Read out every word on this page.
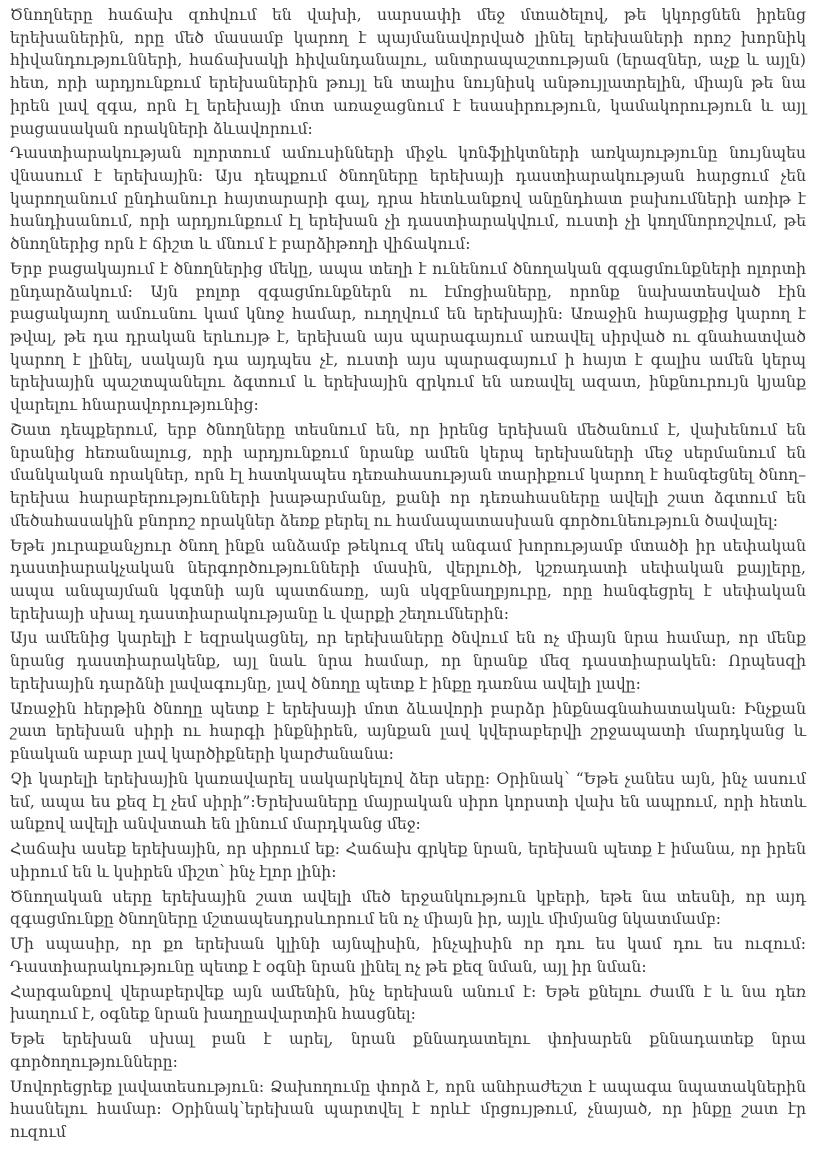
Ծնողները հաճախ զոհվում են վախի, սարսափի մեջ մտածելով, թե կկորցնեն իրենց երեխաներին, որը մեծ մասամբ կարող է պայմանավորված լինել երեխաների որոշ խորնիկ հիվանդությունների, հաճախակի հիվանդանալու, անտրապաշտության (երազներ, աչք և այլն) հետ, որի արդյունքում երեխաներին թույլ են տալիս նույնիսկ անթույլատրելին, միայն թե նա իրեն լավ զգա, որն էլ երեխայի մոտ առաջացնում է եսասիրություն, կամակորություն և այլ բացասական որակների ձևավորում:

Դաստիարակության ոլորտում ամուսինների միջև կոնֆլիկտների առկայությունը նույնպես վնասում է երեխային: Այս դեպքում ծնողները երեխայի դաստիարակության հարցում չեն կարողանում ընդհանուր հայտարարի գալ, դրա հետևանքով անընդհատ բախումների առիթ է հանդիսանում, որի արդյունքում էլ երեխան չի դաստիարակվում, ուստի չի կողմնորոշվում, թե ծնողներից որն է ճիշտ և մնում է բարձիթողի վիճակում:

Երբ բացակայում է ծնողներից մեկը, ապա տեղի է ունենում ծնողական զգացմունքների ոլորտի ընդարձակում: Այն բոլոր զգացմունքներն ու էմոցիաները, որոնք նախատեսված էին բացակայող ամուսնու կամ կնոջ համար, ուղղվում են երեխային: Առաջին հայացքից կարող է թվալ, թե դա դրական երևույթ է, երեխան այս պարագայում առավել սիրված ու գնահատված կարող է լինել, սակայն դա այդպես չէ, ուստի այս պարագայում ի հայտ է գալիս ամեն կերպ երեխային պաշտպանելու ձգտում և երեխային զրկում են առավել ազատ, ինքնուրույն կյանք վարելու հնարավորությունից:

Շատ դեպքերում, երբ ծնողները տեսնում են, որ իրենց երեխան մեծանում է, վախենում են նրանից հեռանալուց, որի արդյունքում նրանք ամեն կերպ երեխաների մեջ սերմանում են մանկական որակներ, որն էլ հատկապես դեռահասության տարիքում կարող է հանգեցնել ծնող–երեխա հարաբերությունների խաթարմանը, քանի որ դեռահասները ավելի շատ ձգտում են մեծահասակին բնորոշ որակներ ձեռք բերել ու համապատասխան գործունեություն ծավալել:

Եթե յուրաքանչյուր ծնող ինքն անձամբ թեկուզ մեկ անգամ խորությամբ մտածի իր սեփական դաստիարակչական ներգործությունների մասին, վերլուծի, կշռադատի սեփական քայլերը, ապա անպայման կգտնի այն պատճառը, այն սկզբնաղբյուրը, որը հանգեցրել է սեփական երեխայի սխալ դաստիարակությանը և վարքի շեղումներին:

Այս ամենից կարելի է եզրակացնել, որ երեխաները ծնվում են ոչ միայն նրա համար, որ մենք նրանց դաստիարակենք, այլ նաև նրա համար, որ նրանք մեզ դաստիարակեն: Որպեսզի երեխային դարձնի լավագույնը, լավ ծնողը պետք է ինքը դառնա ավելի լավը:

Առաջին հերթին ծնողը պետք է երեխայի մոտ ձևավորի բարձր ինքնագնահատական: Ինչքան շատ երեխան սիրի ու հարգի ինքնիրեն, այնքան լավ կվերաբերվի շրջապատի մարդկանց և բնական աբար լավ կարծիքների կարժանանա:

Չի կարելի երեխային կառավարել սակարկելով ձեր սերը: Օրինակ՝ “Եթե չանես այն, ինչ ասում եմ, ապա ես քեզ էլ չեմ սիրի”:Երեխաները մայրական սիրո կորստի վախ են ապրում, որի հետև անքով ավելի անվստահ են լինում մարդկանց մեջ:

Հաճախ ասեք երեխային, որ սիրում եք: Հաճախ գրկեք նրան, երեխան պետք է իմանա, որ իրեն սիրում են և կսիրեն միշտ՝ ինչ էլոր լինի:

Ծնողական սերը երեխային շատ ավելի մեծ երջանկություն կբերի, եթե նա տեսնի, որ այդ զգացմունքը ծնողները մշտապեսդրսևորում են ոչ միայն իր, այլև միմյանց նկատմամբ:

Մի սպասիր, որ քո երեխան կլինի այնպիսին, ինչպիսին որ դու ես կամ դու ես ուզում: Դաստիարակությունը պետք է օգնի նրան լինել ոչ թե քեզ նման, այլ իր նման:

Հարգանքով վերաբերվեք այն ամենին, ինչ երեխան անում է: Եթե քնելու ժամն է և նա դեռ խաղում է, օգնեք նրան խաղըավարտին հասցնել:

Եթե երեխան սխալ բան է արել, նրան քննադատելու փոխարեն քննադատեք նրա գործողությունները:

Սովորեցրեք լավատեսություն: Ձախողումը փորձ է, որն անհրաժեշտ է ապագա նպատակներին հասնելու համար: Օրինակ՝երեխան պարտվել է որևէ մրցույթում, չնայած, որ ինքը շատ էր ուզում
